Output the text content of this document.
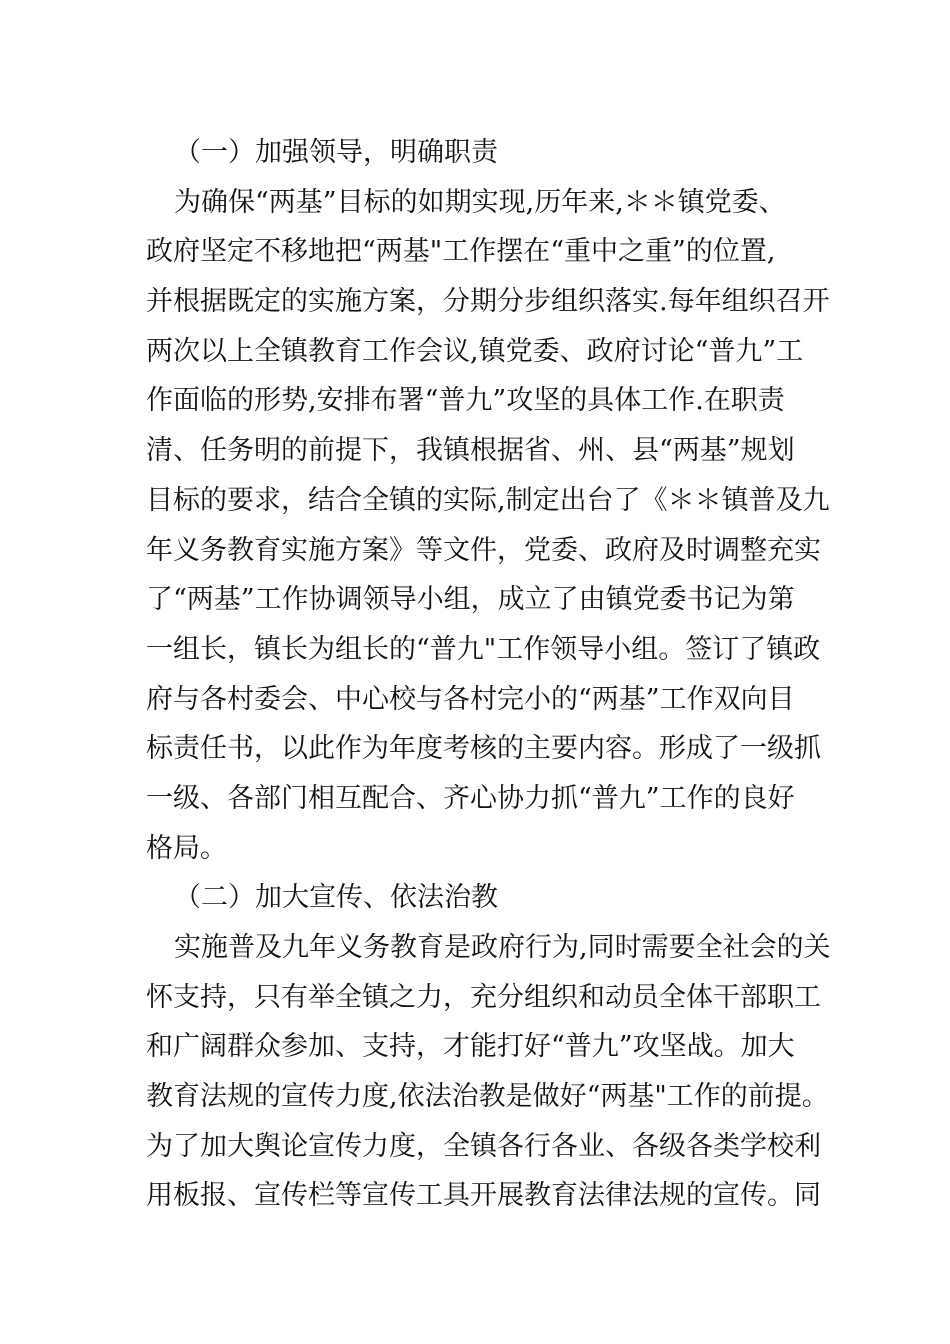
（一）加强领导，明确职责
为确保“两基”目标的如期实现,历年来,＊＊镇党委、
政府坚定不移地把“两基"工作摆在“重中之重”的位置,
并根据既定的实施方案，分期分步组织落实.每年组织召开
两次以上全镇教育工作会议,镇党委、政府讨论“普九”工
作面临的形势,安排布署“普九”攻坚的具体工作.在职责
清、任务明的前提下，我镇根据省、州、县“两基”规划
目标的要求，结合全镇的实际,制定出台了《＊＊镇普及九
年义务教育实施方案》等文件，党委、政府及时调整充实
了“两基”工作协调领导小组，成立了由镇党委书记为第
一组长，镇长为组长的“普九"工作领导小组。签订了镇政
府与各村委会、中心校与各村完小的“两基”工作双向目
标责任书，以此作为年度考核的主要内容。形成了一级抓
一级、各部门相互配合、齐心协力抓“普九”工作的良好
格局。
（二）加大宣传、依法治教
实施普及九年义务教育是政府行为,同时需要全社会的关
怀支持，只有举全镇之力，充分组织和动员全体干部职工
和广阔群众参加、支持，才能打好“普九”攻坚战。加大
教育法规的宣传力度,依法治教是做好“两基"工作的前提。
为了加大舆论宣传力度，全镇各行各业、各级各类学校利
用板报、宣传栏等宣传工具开展教育法律法规的宣传。同
